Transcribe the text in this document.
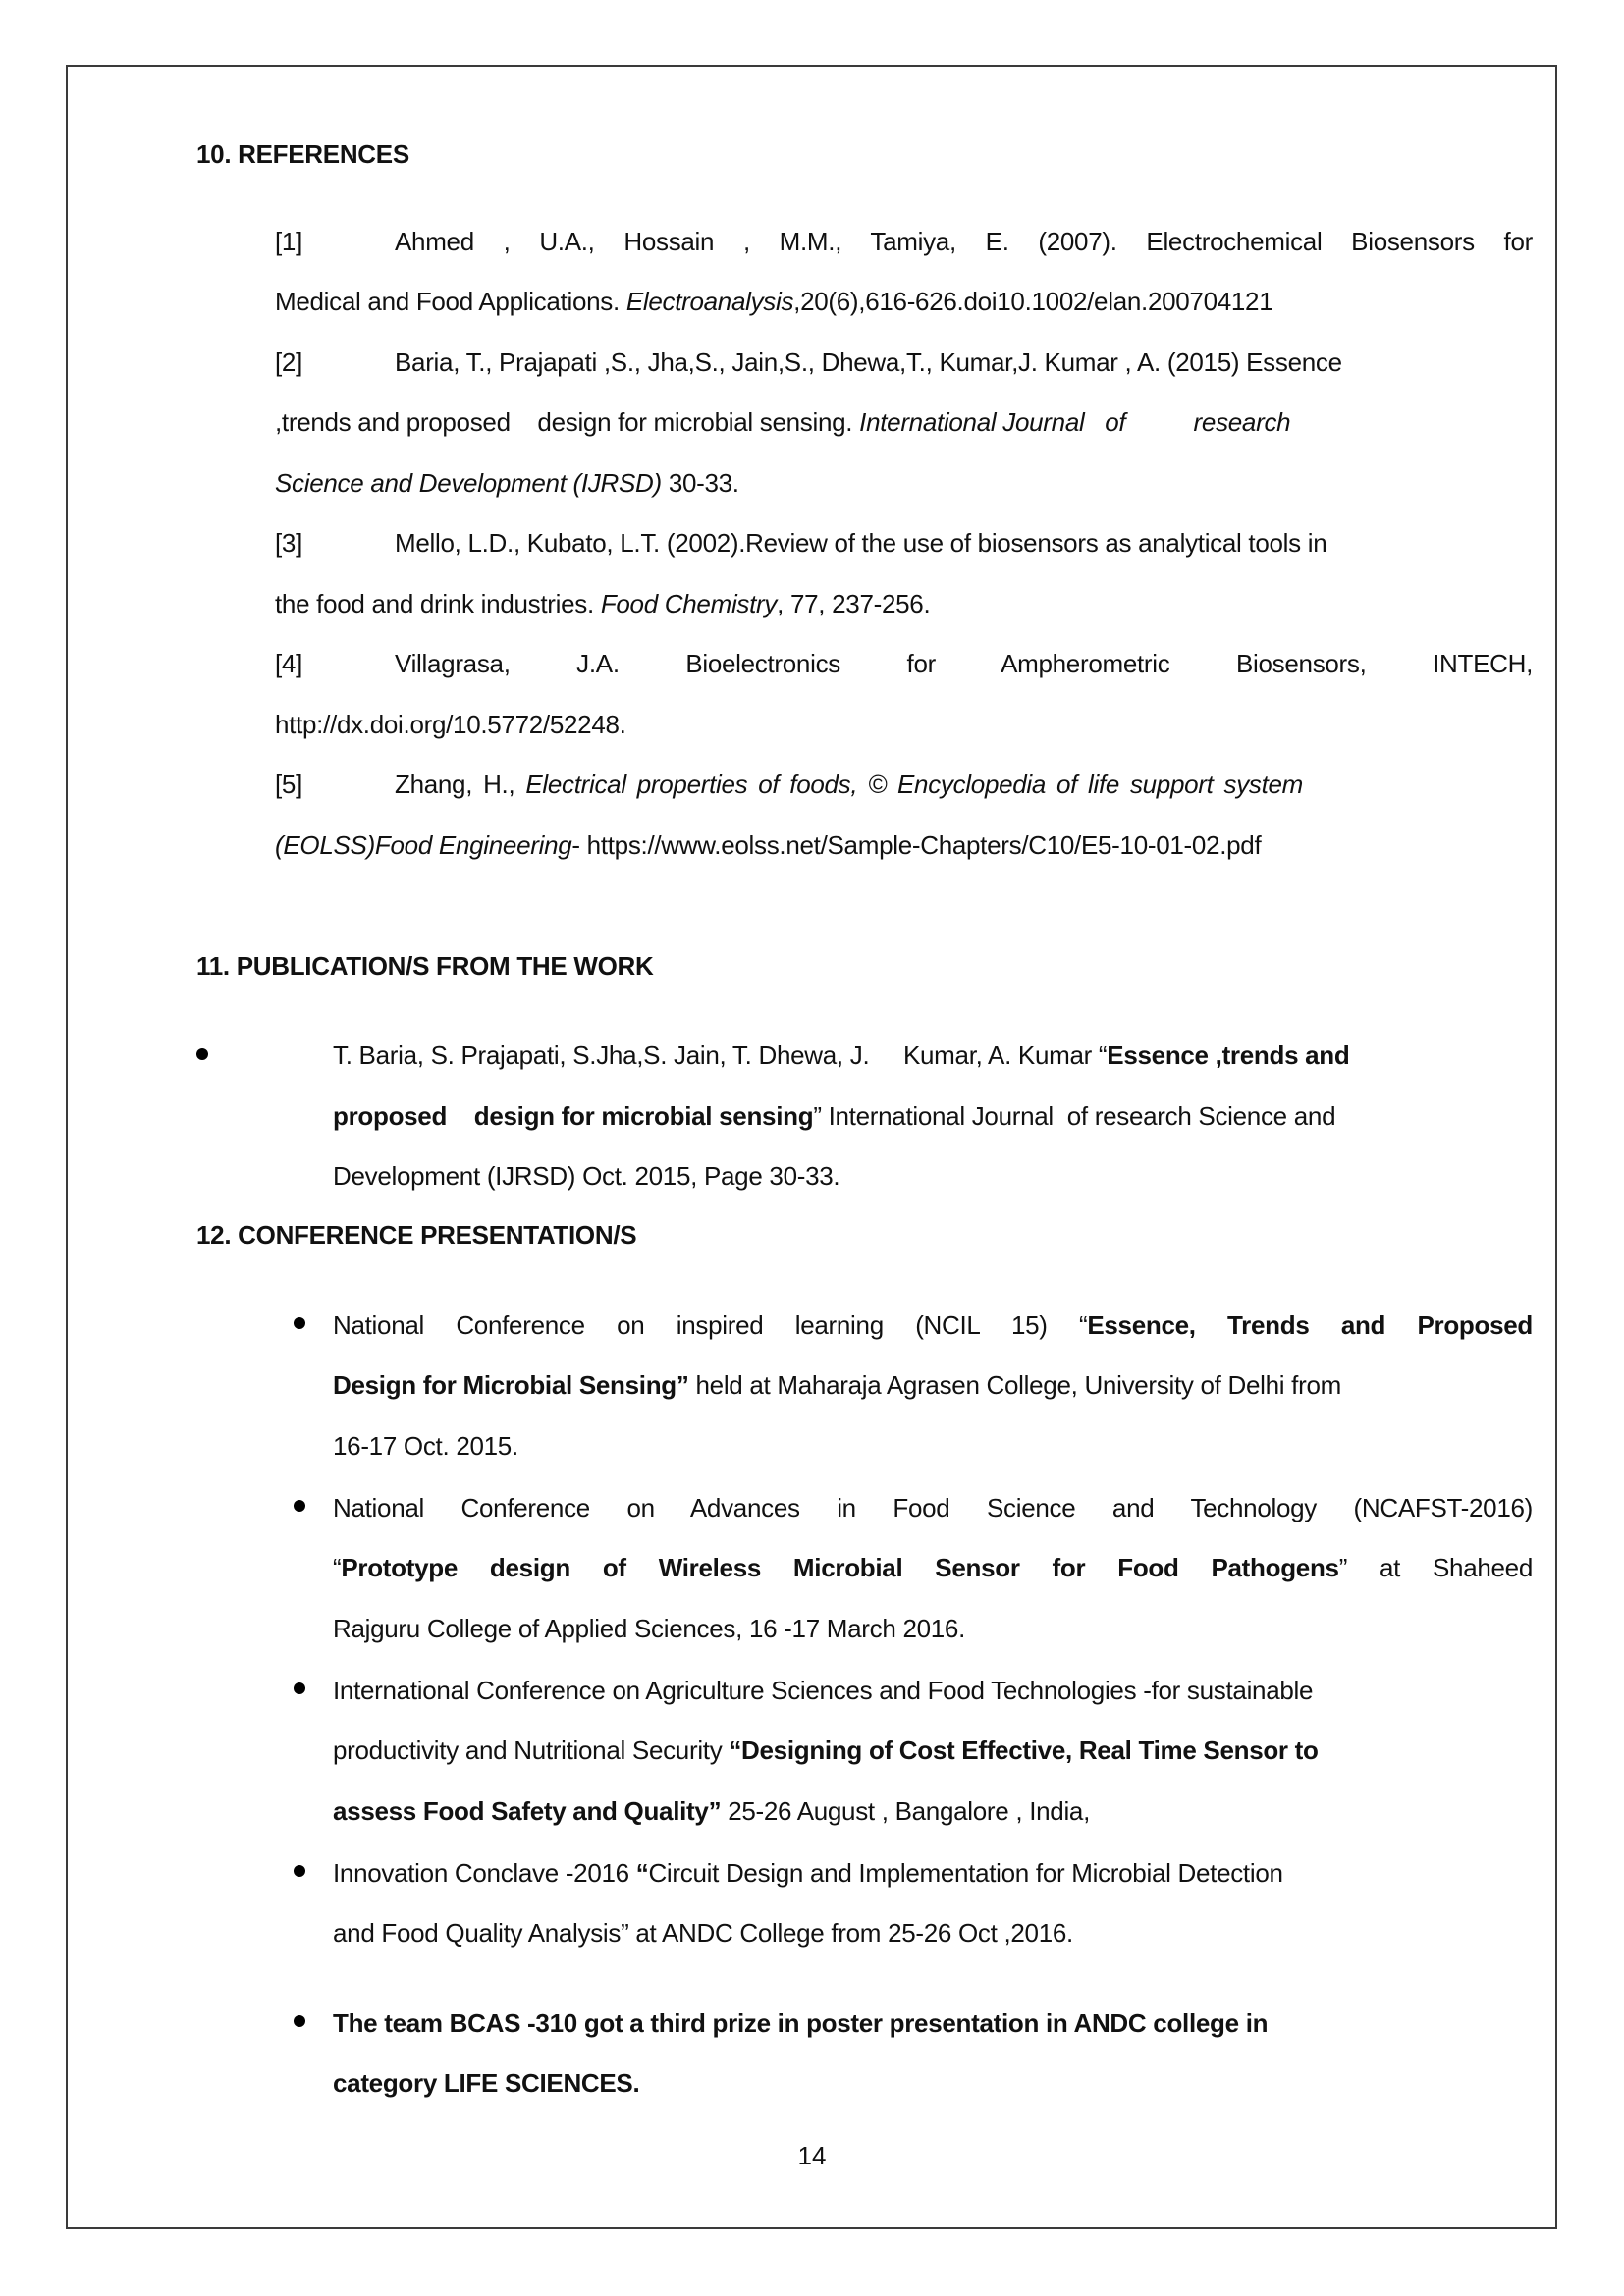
10. REFERENCES
[1]	Ahmed , U.A., Hossain , M.M., Tamiya, E. (2007). Electrochemical Biosensors for
Medical and Food Applications. Electroanalysis,20(6),616-626.doi10.1002/elan.200704121
[2]	Baria, T., Prajapati ,S., Jha,S., Jain,S., Dhewa,T., Kumar,J. Kumar , A. (2015) Essence
,trends and proposed    design for microbial sensing. International Journal   of          research
Science and Development (IJRSD) 30-33.
[3]	Mello, L.D., Kubato, L.T. (2002).Review of the use of biosensors as analytical tools in
the food and drink industries. Food Chemistry, 77, 237-256.
[4]	Villagrasa, J.A. Bioelectronics for Ampherometric Biosensors, INTECH,
http://dx.doi.org/10.5772/52248.
[5]	Zhang, H., Electrical properties of foods, © Encyclopedia of life support system
(EOLSS)Food Engineering- https://www.eolss.net/Sample-Chapters/C10/E5-10-01-02.pdf
11. PUBLICATION/S FROM THE WORK
T. Baria, S. Prajapati, S.Jha,S. Jain, T. Dhewa, J.     Kumar, A. Kumar “Essence ,trends and
proposed    design for microbial sensing” International Journal  of research Science and
Development (IJRSD) Oct. 2015, Page 30-33.
12. CONFERENCE PRESENTATION/S
National Conference on inspired learning (NCIL 15) “Essence, Trends and Proposed
Design for Microbial Sensing” held at Maharaja Agrasen College, University of Delhi from
16-17 Oct. 2015.
National Conference on Advances in Food Science and Technology (NCAFST-2016)
“Prototype design of Wireless Microbial Sensor for Food Pathogens” at Shaheed
Rajguru College of Applied Sciences, 16 -17 March 2016.
International Conference on Agriculture Sciences and Food Technologies -for sustainable
productivity and Nutritional Security “Designing of Cost Effective, Real Time Sensor to
assess Food Safety and Quality” 25-26 August , Bangalore , India,
Innovation Conclave -2016 “Circuit Design and Implementation for Microbial Detection
and Food Quality Analysis” at ANDC College from 25-26 Oct ,2016.
The team BCAS -310 got a third prize in poster presentation in ANDC college in
category LIFE SCIENCES.
14
